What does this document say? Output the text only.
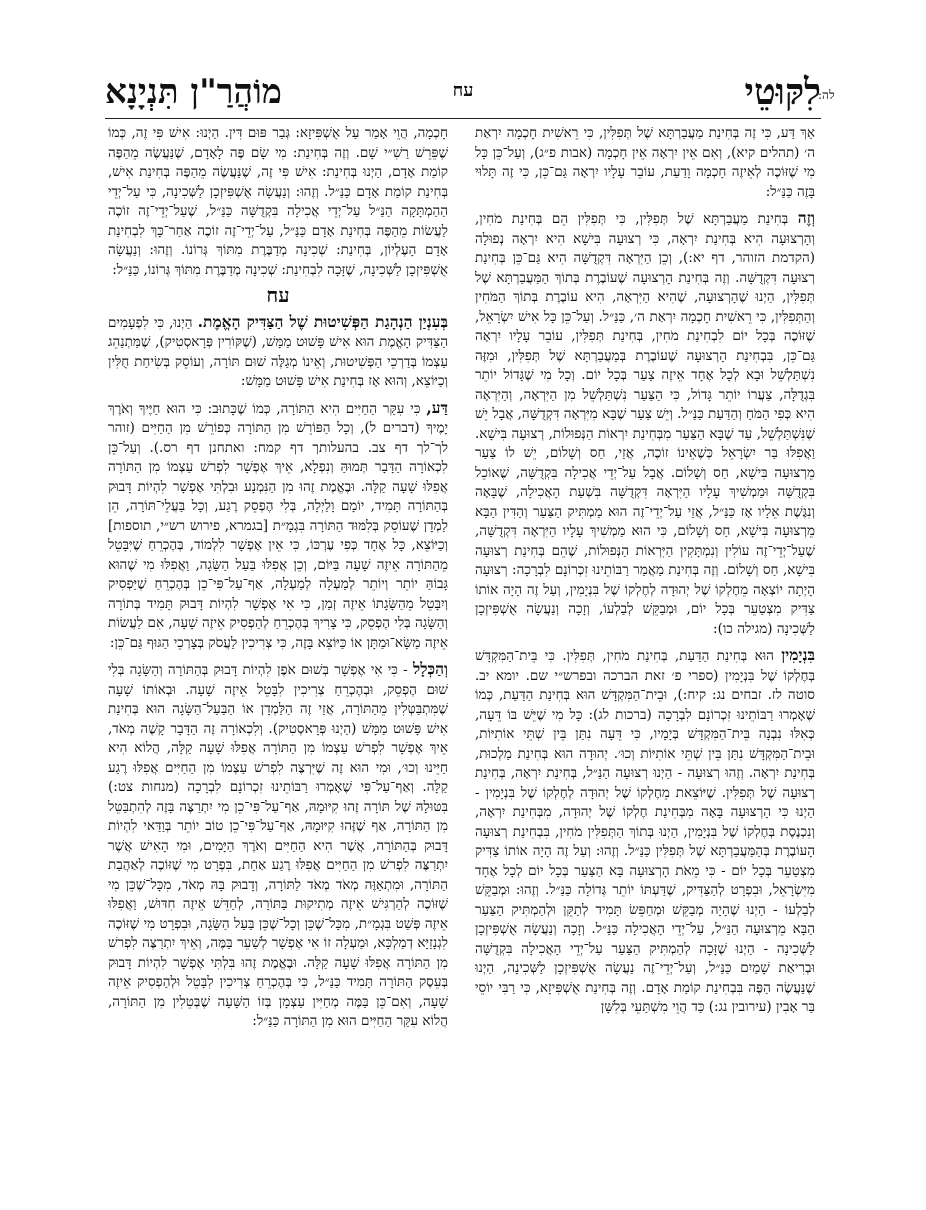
לה:
לִקּוּטֵי
עח
מוֹהֲרַ"ן תִּנְיָנָא

אַךְ דַּע, כִּי זֶה בְּחִינַת מַעֲבַרְתָּא שֶׁל תְּפִלִּין, כִּי רֵאשִׁית חָכְמָה יִרְאַת ה׳ (תהלים קיא), וְאִם אֵין יִרְאָה אֵין חָכְמָה (אבות פ״ג), וְעַל־כֵּן כָּל מִי שֶׁזּוֹכֶה לְאֵיזֶה חָכְמָה וָדַעַת, עוֹבֵר עָלָיו יִרְאָה גַּם־כֵּן, כִּי זֶה תָּלוּי בָּזֶה כַּנַּ״ל:

וְזֶה בְּחִינַת מַעֲבַרְתָּא שֶׁל תְּפִלִּין, כִּי תְּפִלִּין הֵם בְּחִינַת מֹחִין, וְהָרְצוּעָה הִיא בְּחִינַת יִרְאָה, כִּי רְצוּעָה בִּישָׁא הִיא יִרְאָה נְפוּלָה (הקדמת הזוהר, דף יא:), וְכֵן הַיִּרְאָה דִּקְדֻשָּׁה הִיא גַּם־כֵּן בְּחִינַת רְצוּעָה דִּקְדֻשָּׁה. וְזֶה בְּחִינַת הָרְצוּעָה שֶׁעוֹבֶרֶת בְּתוֹךְ הַמַּעֲבַרְתָּא שֶׁל תְּפִלִּין, הַיְנוּ שֶׁהָרְצוּעָה, שֶׁהִיא הַיִּרְאָה, הִיא עוֹבֶרֶת בְּתוֹךְ הַמֹּחִין וְהַתְּפִלִּין, כִּי רֵאשִׁית חָכְמָה יִרְאַת ה׳, כַּנַּ״ל. וְעַל־כֵּן כָּל אִישׁ יִשְׂרָאֵל, שֶׁזּוֹכֶה בְּכָל יוֹם לִבְחִינַת מֹחִין, בְּחִינַת תְּפִלִּין, עוֹבֵר עָלָיו יִרְאָה גַּם־כֵּן, בִּבְחִינַת הָרְצוּעָה שֶׁעוֹבֶרֶת בְּמַעֲבַרְתָּא שֶׁל תְּפִלִּין, וּמִזֶּה נִשְׁתַּלְשֵׁל וּבָא לְכָל אֶחָד אֵיזֶה צַעַר בְּכָל יוֹם. וְכָל מִי שֶׁגָּדוֹל יוֹתֵר בִּגְדֻלָּה, צַעֲרוֹ יוֹתֵר גָּדוֹל, כִּי הַצַּעַר נִשְׁתַּלְשֵׁל מִן הַיִּרְאָה, וְהַיִּרְאָה הִיא כְּפִי הַמֹּחַ וְהַדַּעַת כַּנַּ״ל. וְיֵשׁ צַעַר שֶׁבָּא מִיִּרְאָה דִּקְדֻשָּׁה, אֲבָל יֵשׁ שֶׁנִּשְׁתַּלְשֵׁל, עַד שֶׁבָּא הַצַּעַר מִבְּחִינַת יִרְאוֹת הַנְּפוּלוֹת, רְצוּעָה בִּישָׁא. וַאֲפִלּוּ בַּר יִשְׂרָאֵל כְּשֶׁאֵינוֹ זוֹכֶה, אֲזַי, חַס וְשָׁלוֹם, יֵשׁ לוֹ צַעַר מֵרְצוּעָה בִּישָׁא, חַס וְשָׁלוֹם. אֲבָל עַל־יְדֵי אֲכִילָה בִּקְדֻשָּׁה, שֶׁאוֹכֵל בִּקְדֻשָּׁה וּמַמְשִׁיךְ עָלָיו הַיִּרְאָה דִּקְדֻשָּׁה בִּשְׁעַת הָאֲכִילָה, שֶׁבָּאָה וְנִגֶּשֶׁת אֵלָיו אָז כַּנַּ״ל, אֲזַי עַל־יְדֵי־זֶה הוּא מַמְתִּיק הַצַּעַר וְהַדִּין הַבָּא מֵרְצוּעָה בִּישָׁא, חַס וְשָׁלוֹם, כִּי הוּא מַמְשִׁיךְ עָלָיו הַיִּרְאָה דִּקְדֻשָּׁה, שֶׁעַל־יְדֵי־זֶה עוֹלִין וְנִמְתָּקִין הַיִּרְאוֹת הַנְּפוּלוֹת, שֶׁהֵם בְּחִינַת רְצוּעָה בִּישָׁא, חַס וְשָׁלוֹם. וְזֶה בְּחִינַת מַאֲמַר רַבּוֹתֵינוּ זִכְרוֹנָם לִבְרָכָה: רְצוּעָה הָיְתָה יוֹצְאָה מֵחֶלְקוֹ שֶׁל יְהוּדָה לְחֶלְקוֹ שֶׁל בִּנְיָמִין, וְעַל זֶה הָיָה אוֹתוֹ צַדִּיק מִצְטַעֵר בְּכָל יוֹם, וּמְבַקֵּשׁ לְבַלְעוֹ, וְזָכָה וְנַעֲשָׂה אֻשְׁפִּיזְכָן לַשְּׁכִינָה (מגילה כו):

בִּנְיָמִין הוּא בְּחִינַת הַדַּעַת, בְּחִינַת מֹחִין, תְּפִלִּין. כִּי בֵּית־הַמִּקְדָּשׁ בְּחֶלְקוֹ שֶׁל בִּנְיָמִין (ספרי פ׳ זאת הברכה ובפרש״י שם. יומא יב. סוטה לז. זבחים נג: קיח:), וּבֵית־הַמִּקְדָּשׁ הוּא בְּחִינַת הַדַּעַת, כְּמוֹ שֶׁאָמְרוּ רַבּוֹתֵינוּ זִכְרוֹנָם לִבְרָכָה (ברכות לג): כָּל מִי שֶׁיֵּשׁ בּוֹ דֵּעָה, כְּאִלּוּ נִבְנָה בֵּית־הַמִּקְדָּשׁ בְּיָמָיו, כִּי דֵּעָה נִתַּן בֵּין שְׁתֵּי אוֹתִיּוֹת, וּבֵית־הַמִּקְדָּשׁ נִתַּן בֵּין שְׁתֵּי אוֹתִיּוֹת וְכוּ׳. יְהוּדָה הוּא בְּחִינַת מַלְכוּת, בְּחִינַת יִרְאָה. וְזֶהוּ רְצוּעָה - הַיְנוּ רְצוּעָה הַנַּ״ל, בְּחִינַת יִרְאָה, בְּחִינַת רְצוּעָה שֶׁל תְּפִלִּין. שֶׁיּוֹצֵאת מֵחֶלְקוֹ שֶׁל יְהוּדָה לְחֶלְקוֹ שֶׁל בִּנְיָמִין - הַיְנוּ כִּי הָרְצוּעָה בָּאָה מִבְּחִינַת חֶלְקוֹ שֶׁל יְהוּדָה, מִבְּחִינַת יִרְאָה, וְנִכְנֶסֶת בְּחֶלְקוֹ שֶׁל בִּנְיָמִין, הַיְנוּ בְּתוֹךְ הַתְּפִלִּין מֹחִין, בִּבְחִינַת רְצוּעָה הָעוֹבֶרֶת בְּהַמַּעֲבַרְתָּא שֶׁל תְּפִלִּין כַּנַּ״ל. וְזֶהוּ: וְעַל זֶה הָיָה אוֹתוֹ צַדִּיק מִצְטַעֵר בְּכָל יוֹם - כִּי מֵאֹת הָרְצוּעָה בָּא הַצַּעַר בְּכָל יוֹם לְכָל אֶחָד מִיִּשְׂרָאֵל, וּבִפְרָט לְהַצַּדִּיק, שֶׁדַּעְתּוֹ יוֹתֵר גְּדוֹלָה כַּנַּ״ל. וְזֶהוּ: וּמְבַקֵּשׁ לְבַלְעוֹ - הַיְנוּ שֶׁהָיָה מְבַקֵּשׁ וּמְחַפֵּשׂ תָּמִיד לְתַקֵּן וּלְהַמְתִּיק הַצַּעַר הַבָּא מֵרְצוּעָה הַנַּ״ל, עַל־יְדֵי הָאֲכִילָה כַּנַּ״ל. וְזָכָה וְנַעֲשָׂה אֻשְׁפִּיזְכָן לַשְּׁכִינָה - הַיְנוּ שֶׁזָּכָה לְהַמְתִּיק הַצַּעַר עַל־יְדֵי הָאֲכִילָה בִּקְדֻשָּׁה וּבְרִיאַת שָׁמַיִם כַּנַּ״ל, וְעַל־יְדֵי־זֶה נַעֲשָׂה אֻשְׁפִּיזְכָן לַשְּׁכִינָה, הַיְנוּ שֶׁנַּעֲשֶׂה הַפֶּה בִּבְחִינַת קוֹמַת אָדָם. וְזֶה בְּחִינַת אֻשְׁפִּיזָא, כִּי רַבִּי יוֹסֵי בַּר אָבִין (עירובין נג:) כַּד הֲוֵי מִשְׁתַּעֵי בְּלִשָּׁן

חָכְמָה, הֲוֵי אָמַר עַל אֻשְׁפִּיזָא: גְּבַר פּוּם דִּין. הַיְנוּ: אִישׁ פִּי זֶה, כְּמוֹ שֶׁפֵּרֵשׁ רַשִׁ״י שָׁם. וְזֶה בְּחִינַת: מִי שָׂם פֶּה לָאָדָם, שֶׁנַּעֲשֶׂה מֵהַפֶּה קוֹמַת אָדָם, הַיְנוּ בְּחִינַת: אִישׁ פִּי זֶה, שֶׁנַּעֲשֶׂה מֵהַפֶּה בְּחִינַת אִישׁ, בְּחִינַת קוֹמַת אָדָם כַּנַּ״ל. וְזֶהוּ: וְנַעֲשָׂה אֻשְׁפִּיזְכָן לַשְּׁכִינָה, כִּי עַל־יְדֵי הַהַמְתָּקָה הַנַּ״ל עַל־יְדֵי אֲכִילָה בִּקְדֻשָּׁה כַּנַּ״ל, שֶׁעַל־יְדֵי־זֶה זוֹכֶה לַעֲשׂוֹת מֵהַפֶּה בְּחִינַת אָדָם כַּנַּ״ל, עַל־יְדֵי־זֶה זוֹכֶה אַחַר־כָּךְ לִבְחִינַת אָדָם הָעֶלְיוֹן, בְּחִינַת: שְׁכִינָה מְדַבֶּרֶת מִתּוֹךְ גְּרוֹנוֹ. וְזֶהוּ: וְנַעֲשָׂה אֻשְׁפִּיזְכָן לַשְּׁכִינָה, שֶׁזָּכָה לִבְחִינַת: שְׁכִינָה מְדַבֶּרֶת מִתּוֹךְ גְּרוֹנוֹ, כַּנַּ״ל:

עח

בְּעִנְיַן הַנְהָגַת הַפְּשִׁיטוּת שֶׁל הַצַּדִּיק הָאֱמֶת. הַיְנוּ, כִּי לִפְעָמִים הַצַּדִּיק הָאֱמֶת הוּא אִישׁ פָּשׁוּט מַמָּשׁ, (שֶׁקּוֹרִין פְּרָאסְטִיק), שֶׁמַּתְנַהֵג עַצְמוֹ בְּדַרְכֵי הַפְּשִׁיטוּת, וְאֵינוֹ מְגַלֶּה שׁוּם תּוֹרָה, וְעוֹסֵק בְּשִׂיחַת חֻלִּין וְכַיּוֹצֵא, וְהוּא אָז בְּחִינַת אִישׁ פָּשׁוּט מַמָּשׁ:

דַּע, כִּי עִקַּר הַחַיִּים הִיא הַתּוֹרָה, כְּמוֹ שֶׁכָּתוּב: כִּי הוּא חַיֶּיךָ וְאֹרֶךְ יָמֶיךָ (דברים ל), וְכָל הַפּוֹרֵשׁ מִן הַתּוֹרָה כְּפוֹרֵשׁ מִן הַחַיִּים (זוהר לך־לך דף צב. בהעלותך דף קמח: ואתחנן דף רס.). וְעַל־כֵּן לִכְאוֹרָה הַדָּבָר תְּמוּהַּ וְנִפְלָא, אֵיךְ אֶפְשָׁר לִפְרשׁ עַצְמוֹ מִן הַתּוֹרָה אֲפִלּוּ שָׁעָה קַלָּה. וּבֶאֱמֶת זֶהוּ מִן הַנִּמְנָע וּבִלְתִּי אֶפְשָׁר לִהְיוֹת דָּבוּק בְּהַתּוֹרָה תָּמִיד, יוֹמָם וָלַיְלָה, בְּלִי הֶפְסֵק רֶגַע, וְכָל בַּעֲלֵי־תּוֹרָה, הֵן לַמְדָן שֶׁעוֹסֵק בְּלִמּוּד הַתּוֹרָה בִּגְמָ״ת [בגמרא, פירוש רש״י, תוספות] וְכַיּוֹצֵא, כָּל אֶחָד כְּפִי עֶרְכּוֹ, כִּי אֵין אֶפְשָׁר לִלְמוֹד, בְּהֶכְרֵחַ שֶׁיִּבָּטֵל מֵהַתּוֹרָה אֵיזֶה שָׁעָה בַּיּוֹם, וְכֵן אֲפִלּוּ בַּעַל הַשָּׂגָה, וַאֲפִלּוּ מִי שֶׁהוּא גָּבוֹהַּ יוֹתֵר וְיוֹתֵר לְמַעְלָה לְמַעְלָה, אַף־עַל־פִּי־כֵן בְּהֶכְרֵחַ שֶׁיַּפְסִיק וְיִבָּטֵל מֵהַשָּׂגָתוֹ אֵיזֶה זְמַן, כִּי אִי אֶפְשָׁר לִהְיוֹת דָּבוּק תָּמִיד בְּתוֹרָה וְהַשָּׂגָה בְּלִי הֶפְסֵק, כִּי צָרִיךְ בְּהֶכְרֵחַ לְהַפְסִיק אֵיזֶה שָׁעָה, אִם לַעֲשׂוֹת אֵיזֶה מַשָּׂא־וּמַתָּן אוֹ כַּיּוֹצֵא בָּזֶה, כִּי צְרִיכִין לַעֲסֹק בְּצָרְכֵי הַגּוּף גַּם־כֵּן:

וְהַכְּלָל - כִּי אִי אֶפְשָׁר בְּשׁוּם אֹפֶן לִהְיוֹת דָּבוּק בְּהַתּוֹרָה וְהַשָּׂגָה בְּלִי שׁוּם הֶפְסֵק, וּבְהֶכְרֵחַ צְרִיכִין לִבָּטֵל אֵיזֶה שָׁעָה. וּבְאוֹתוֹ שָׁעָה שֶׁמִּתְבַּטְּלִין מֵהַתּוֹרָה, אֲזַי זֶה הַלַּמְדָן אוֹ הַבַּעַל־הַשָּׂגָה הוּא בְּחִינַת אִישׁ פָּשׁוּט מַמָּשׁ (הַיְנוּ פְּרָאסְטִיק). וְלִכְאוֹרָה זֶה הַדָּבָר קָשֶׁה מְאֹד, אֵיךְ אֶפְשָׁר לִפְרשׁ עַצְמוֹ מִן הַתּוֹרָה אֲפִלּוּ שָׁעָה קַלָּה, הֲלוֹא הִיא חַיֵּינוּ וְכוּ׳, וּמִי הוּא זֶה שֶׁיִּרְצֶה לִפְרשׁ עַצְמוֹ מִן הַחַיִּים אֲפִלּוּ רֶגַע קַלָּה. וְאַף־עַל־פִּי שֶׁאָמְרוּ רַבּוֹתֵינוּ זִכְרוֹנָם לִבְרָכָה (מנחות צט:) בִּטּוּלָהּ שֶׁל תּוֹרָה זֶהוּ קִיּוּמָהּ, אַף־עַל־פִּי־כֵן מִי יִתְרַצֶּה בָּזֶה לְהִתְבַּטֵּל מִן הַתּוֹרָה, אַף שֶׁזֶּהוּ קִיּוּמָהּ, אַף־עַל־פִּי־כֵן טוֹב יוֹתֵר בְּוַדַּאי לִהְיוֹת דָּבוּק בְּהַתּוֹרָה, אֲשֶׁר הִיא הַחַיִּים וְאֹרֶךְ הַיָּמִים, וּמִי הָאִישׁ אֲשֶׁר יִתְרַצֶּה לִפְרשׁ מִן הַחַיִּים אֲפִלּוּ רֶגַע אַחַת, בִּפְרָט מִי שֶׁזּוֹכֶה לְאַהֲבַת הַתּוֹרָה, וּמִתְאַוֶּה מְאֹד מְאֹד לַתּוֹרָה, וְדָבוּק בָּהּ מְאֹד, מִכָּל־שֶׁכֵּן מִי שֶׁזּוֹכֶה לְהַרְגִּישׁ אֵיזֶה מְתִיקוּת בַּתּוֹרָה, לְחַדֵּשׁ אֵיזֶה חִדּוּשׁ, וַאֲפִלּוּ אֵיזֶה פְּשַׁט בִּגְמָ״ת, מִכָּל־שֶׁכֵּן וְכָל־שֶׁכֵּן בַּעַל הַשָּׂגָה, וּבִפְרָט מִי שֶׁזּוֹכֶה לִגְנָזַיָּא דְמַלְכָּא, וּמַעְלָה זוֹ אִי אֶפְשָׁר לְשַׁעֵר בַּמֶּה, וְאֵיךְ יִתְרַצֶּה לִפְרשׁ מִן הַתּוֹרָה אֲפִלּוּ שָׁעָה קַלָּה. וּבֶאֱמֶת זֶהוּ בִּלְתִּי אֶפְשָׁר לִהְיוֹת דָּבוּק בְּעֵסֶק הַתּוֹרָה תָּמִיד כַּנַּ״ל, כִּי בְּהֶכְרֵחַ צְרִיכִין לִבָּטֵל וּלְהַפְסִיק אֵיזֶה שָׁעָה, וְאִם־כֵּן בַּמֶּה מְחַיִּין עַצְמָן בְּזוֹ הַשָּׁעָה שֶׁבְּטֵלִין מִן הַתּוֹרָה, הֲלוֹא עִקַּר הַחַיִּים הוּא מִן הַתּוֹרָה כַּנַּ״ל:
